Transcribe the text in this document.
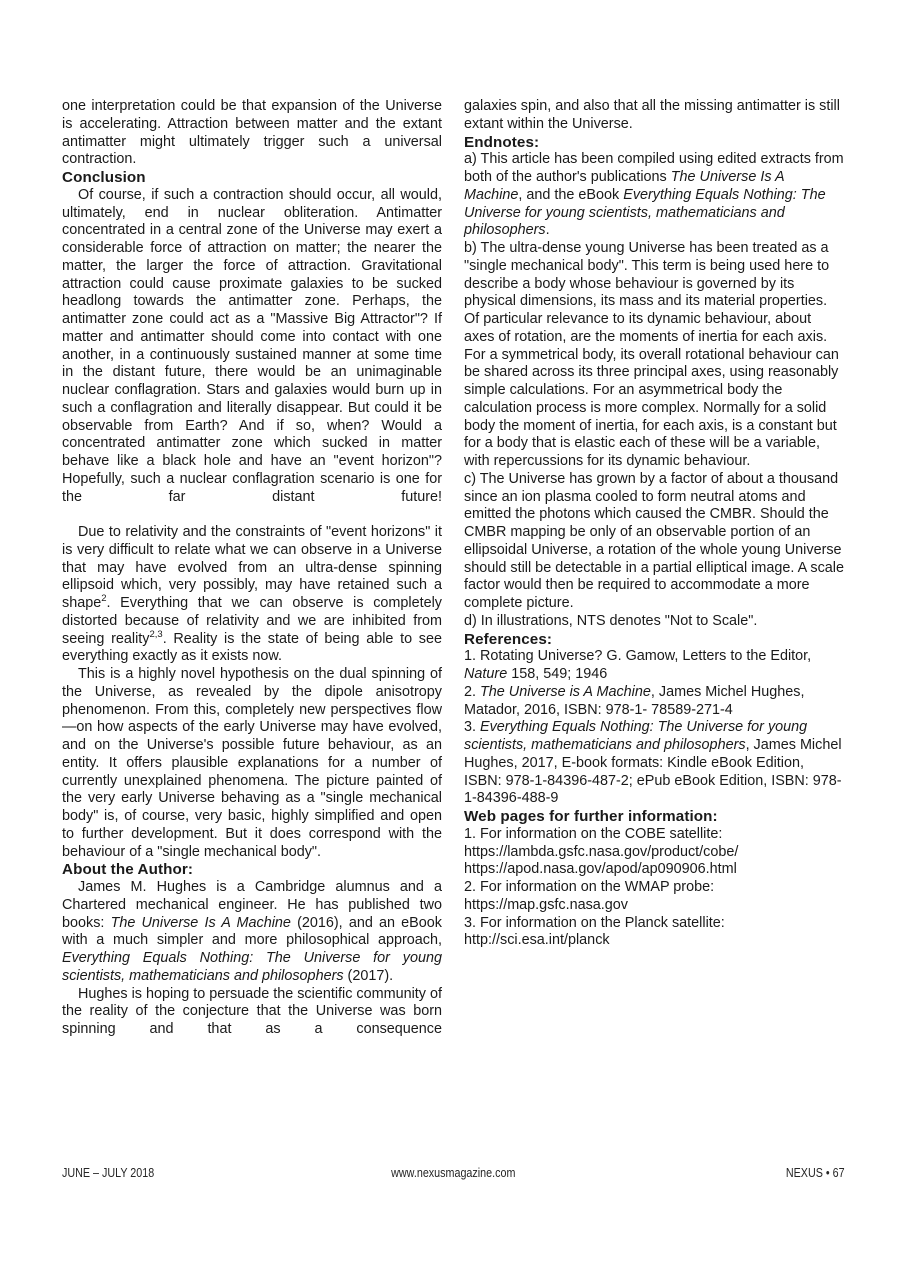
one interpretation could be that expansion of the Universe is accelerating. Attraction between matter and the extant antimatter might ultimately trigger such a universal contraction.

Conclusion

Of course, if such a contraction should occur, all would, ultimately, end in nuclear obliteration. Antimatter concentrated in a central zone of the Universe may exert a considerable force of attraction on matter; the nearer the matter, the larger the force of attraction. Gravitational attraction could cause proximate galaxies to be sucked headlong towards the antimatter zone. Perhaps, the antimatter zone could act as a "Massive Big Attractor"? If matter and antimatter should come into contact with one another, in a continuously sustained manner at some time in the distant future, there would be an unimaginable nuclear conflagration. Stars and galaxies would burn up in such a conflagration and literally disappear. But could it be observable from Earth? And if so, when? Would a concentrated antimatter zone which sucked in matter behave like a black hole and have an "event horizon"? Hopefully, such a nuclear conflagration scenario is one for the far distant future!

Due to relativity and the constraints of "event horizons" it is very difficult to relate what we can observe in a Universe that may have evolved from an ultra-dense spinning ellipsoid which, very possibly, may have retained such a shape$^2$. Everything that we can observe is completely distorted because of relativity and we are inhibited from seeing reality$^{2,3}$. Reality is the state of being able to see everything exactly as it exists now.

This is a highly novel hypothesis on the dual spinning of the Universe, as revealed by the dipole anisotropy phenomenon. From this, completely new perspectives flow—on how aspects of the early Universe may have evolved, and on the Universe's possible future behaviour, as an entity. It offers plausible explanations for a number of currently unexplained phenomena. The picture painted of the very early Universe behaving as a "single mechanical body" is, of course, very basic, highly simplified and open to further development. But it does correspond with the behaviour of a "single mechanical body".

About the Author:

James M. Hughes is a Cambridge alumnus and a Chartered mechanical engineer. He has published two books: The Universe Is A Machine (2016), and an eBook with a much simpler and more philosophical approach, Everything Equals Nothing: The Universe for young scientists, mathematicians and philosophers (2017).

Hughes is hoping to persuade the scientific community of the reality of the conjecture that the Universe was born spinning and that as a consequence

galaxies spin, and also that all the missing antimatter is still extant within the Universe.

Endnotes:

a) This article has been compiled using edited extracts from both of the author's publications The Universe Is A Machine, and the eBook Everything Equals Nothing: The Universe for young scientists, mathematicians and philosophers.

b) The ultra-dense young Universe has been treated as a "single mechanical body". This term is being used here to describe a body whose behaviour is governed by its physical dimensions, its mass and its material properties. Of particular relevance to its dynamic behaviour, about axes of rotation, are the moments of inertia for each axis. For a symmetrical body, its overall rotational behaviour can be shared across its three principal axes, using reasonably simple calculations. For an asymmetrical body the calculation process is more complex. Normally for a solid body the moment of inertia, for each axis, is a constant but for a body that is elastic each of these will be a variable, with repercussions for its dynamic behaviour.

c) The Universe has grown by a factor of about a thousand since an ion plasma cooled to form neutral atoms and emitted the photons which caused the CMBR. Should the CMBR mapping be only of an observable portion of an ellipsoidal Universe, a rotation of the whole young Universe should still be detectable in a partial elliptical image. A scale factor would then be required to accommodate a more complete picture.

d) In illustrations, NTS denotes "Not to Scale".

References:

1. Rotating Universe? G. Gamow, Letters to the Editor, Nature 158, 549; 1946

2. The Universe is A Machine, James Michel Hughes, Matador, 2016, ISBN: 978-1- 78589-271-4

3. Everything Equals Nothing: The Universe for young scientists, mathematicians and philosophers, James Michel Hughes, 2017, E-book formats: Kindle eBook Edition, ISBN: 978-1-84396-487-2; ePub eBook Edition, ISBN: 978-1-84396-488-9

Web pages for further information:

1. For information on the COBE satellite:

https://lambda.gsfc.nasa.gov/product/cobe/

https://apod.nasa.gov/apod/ap090906.html

2. For information on the WMAP probe:

https://map.gsfc.nasa.gov

3. For information on the Planck satellite:

http://sci.esa.int/planck

JUNE – JULY 2018	www.nexusmagazine.com	NEXUS • 67
